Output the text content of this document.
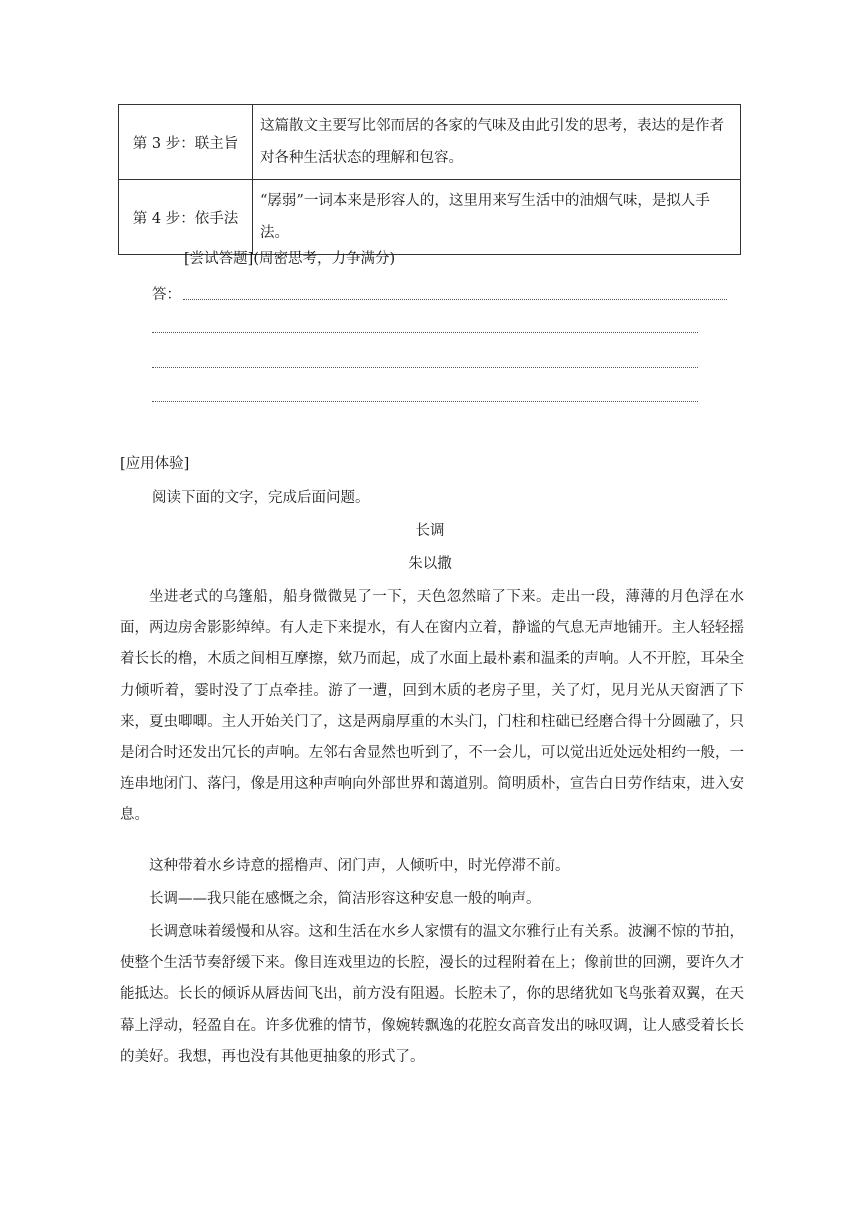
第 3 步：联主旨	这篇散文主要写比邻而居的各家的气味及由此引发的思考，表达的是作者对各种生活状态的理解和包容。
第 4 步：依手法	“孱弱”一词本来是形容人的，这里用来写生活中的油烟气味，是拟人手法。
[尝试答题](周密思考，力争满分)
答：
[应用体验]
阅读下面的文字，完成后面问题。
长调
朱以撒

坐进老式的乌篷船，船身微微晃了一下，天色忽然暗了下来。走出一段，薄薄的月色浮在水面，两边房舍影影绰绰。有人走下来提水，有人在窗内立着，静谧的气息无声地铺开。主人轻轻摇着长长的橹，木质之间相互摩擦，欸乃而起，成了水面上最朴素和温柔的声响。人不开腔，耳朵全力倾听着，霎时没了丁点牵挂。游了一遭，回到木质的老房子里，关了灯，见月光从天窗洒了下来，夏虫唧唧。主人开始关门了，这是两扇厚重的木头门，门柱和柱础已经磨合得十分圆融了，只是闭合时还发出冗长的声响。左邻右舍显然也听到了，不一会儿，可以觉出近处远处相约一般，一连串地闭门、落闩，像是用这种声响向外部世界和蔼道别。简明质朴，宣告白日劳作结束，进入安息。

这种带着水乡诗意的摇橹声、闭门声，人倾听中，时光停滞不前。

长调——我只能在感慨之余，简洁形容这种安息一般的响声。

长调意味着缓慢和从容。这和生活在水乡人家惯有的温文尔雅行止有关系。波澜不惊的节拍，使整个生活节奏舒缓下来。像目连戏里边的长腔，漫长的过程附着在上；像前世的回溯，要许久才能抵达。长长的倾诉从唇齿间飞出，前方没有阻遏。长腔未了，你的思绪犹如飞鸟张着双翼，在天幕上浮动，轻盈自在。许多优雅的情节，像婉转飘逸的花腔女高音发出的咏叹调，让人感受着长长的美好。我想，再也没有其他更抽象的形式了。
